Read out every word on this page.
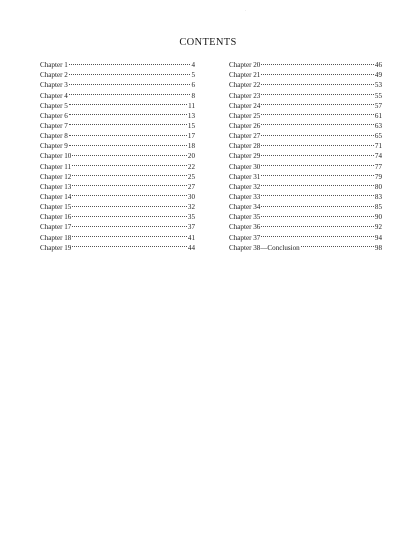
·
CONTENTS
Chapter 1	4
Chapter 2	5
Chapter 3	6
Chapter 4	8
Chapter 5	11
Chapter 6	13
Chapter 7	15
Chapter 8	17
Chapter 9	18
Chapter 10	20
Chapter 11	22
Chapter 12	25
Chapter 13	27
Chapter 14	30
Chapter 15	32
Chapter 16	35
Chapter 17	37
Chapter 18	41
Chapter 19	44
Chapter 20	46
Chapter 21	49
Chapter 22	53
Chapter 23	55
Chapter 24	57
Chapter 25	61
Chapter 26	63
Chapter 27	65
Chapter 28	71
Chapter 29	74
Chapter 30	77
Chapter 31	79
Chapter 32	80
Chapter 33	83
Chapter 34	85
Chapter 35	90
Chapter 36	92
Chapter 37	94
Chapter 38—Conclusion	98
